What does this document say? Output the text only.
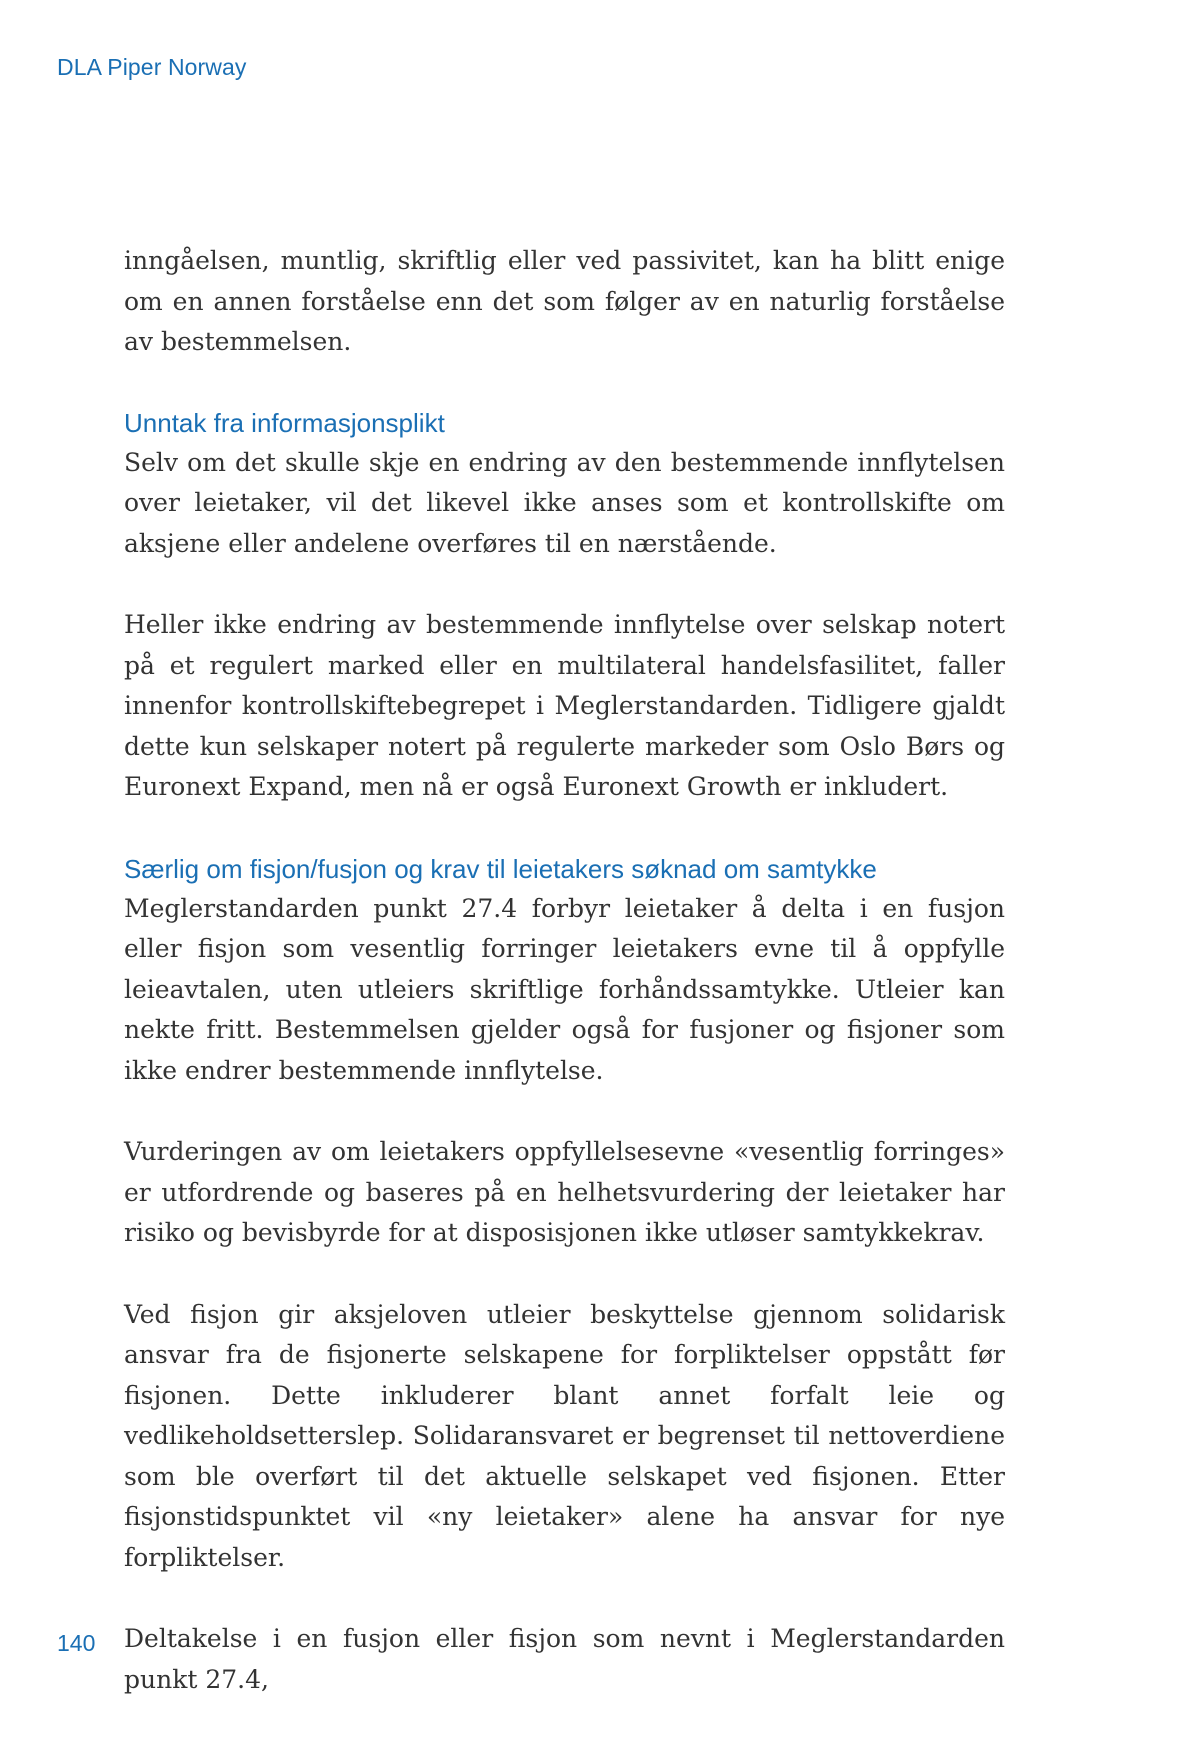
DLA Piper Norway

inngåelsen, muntlig, skriftlig eller ved passivitet, kan ha blitt enige om en annen forståelse enn det som følger av en naturlig forståelse av bestemmelsen.

Unntak fra informasjonsplikt

Selv om det skulle skje en endring av den bestemmende innflytelsen over leietaker, vil det likevel ikke anses som et kontrollskifte om aksjene eller andelene overføres til en nærstående.

Heller ikke endring av bestemmende innflytelse over selskap notert på et regulert marked eller en multilateral handelsfasilitet, faller innenfor kontrollskiftebegrepet i Meglerstandarden. Tidligere gjaldt dette kun selskaper notert på regulerte markeder som Oslo Børs og Euronext Expand, men nå er også Euronext Growth er inkludert.

Særlig om fisjon/fusjon og krav til leietakers søknad om samtykke

Meglerstandarden punkt 27.4 forbyr leietaker å delta i en fusjon eller fisjon som vesentlig forringer leietakers evne til å oppfylle leieavtalen, uten utleiers skriftlige forhåndssamtykke. Utleier kan nekte fritt. Bestemmelsen gjelder også for fusjoner og fisjoner som ikke endrer bestemmende innflytelse.

Vurderingen av om leietakers oppfyllelsesevne «vesentlig forringes» er utfordrende og baseres på en helhetsvurdering der leietaker har risiko og bevisbyrde for at disposisjonen ikke utløser samtykkekrav.

Ved fisjon gir aksjeloven utleier beskyttelse gjennom solidarisk ansvar fra de fisjonerte selskapene for forpliktelser oppstått før fisjonen. Dette inkluderer blant annet forfalt leie og vedlikeholdsetterslep. Solidaransvaret er begrenset til nettoverdiene som ble overført til det aktuelle selskapet ved fisjonen. Etter fisjonstidspunktet vil «ny leietaker» alene ha ansvar for nye forpliktelser.

Deltakelse i en fusjon eller fisjon som nevnt i Meglerstandarden punkt 27.4,

140
